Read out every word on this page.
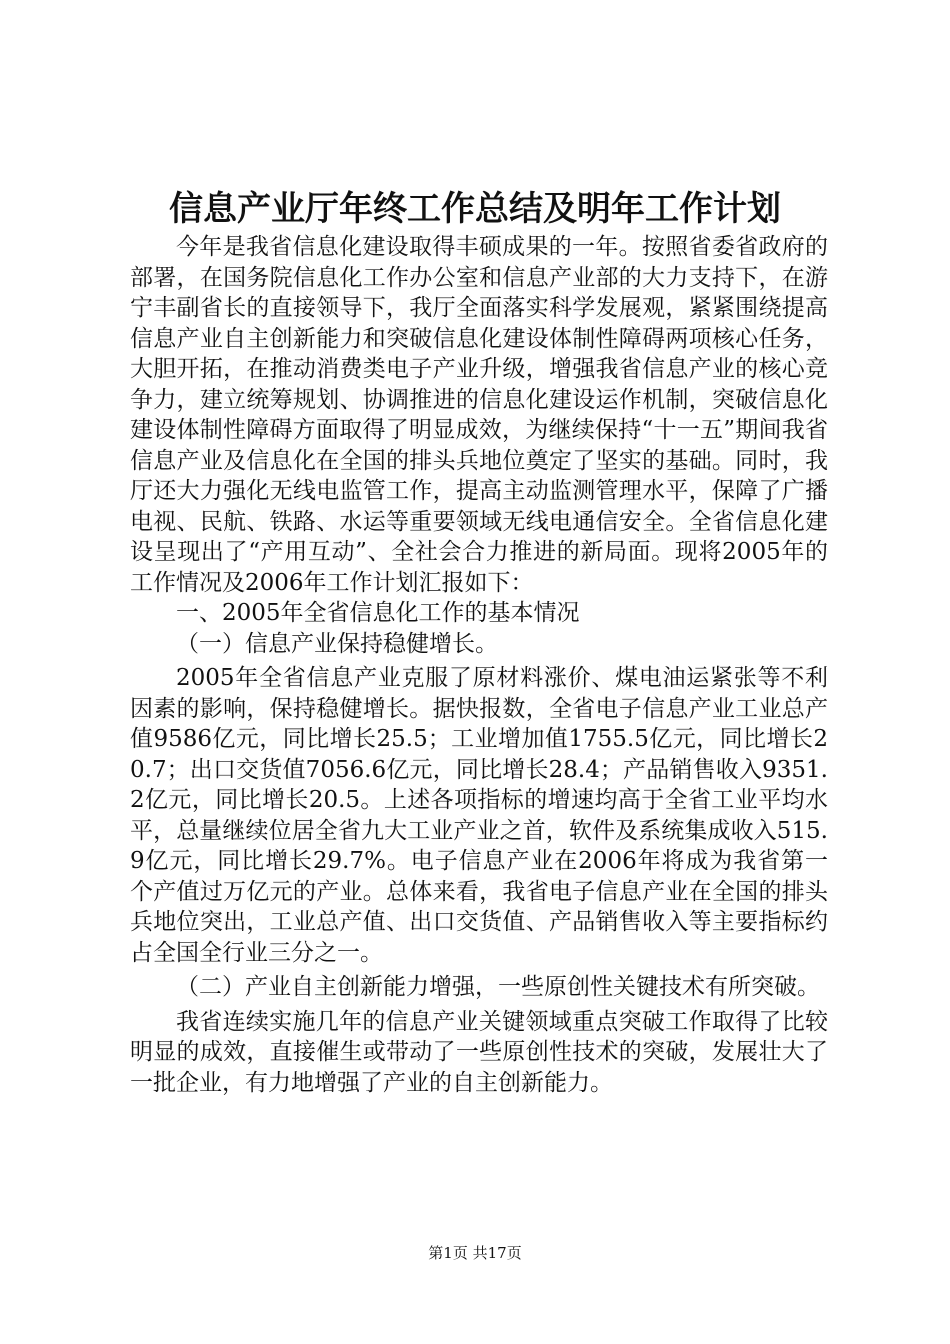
信息产业厅年终工作总结及明年工作计划

今年是我省信息化建设取得丰硕成果的一年。按照省委省政府的部署，在国务院信息化工作办公室和信息产业部的大力支持下，在游宁丰副省长的直接领导下，我厅全面落实科学发展观，紧紧围绕提高信息产业自主创新能力和突破信息化建设体制性障碍两项核心任务，大胆开拓，在推动消费类电子产业升级，增强我省信息产业的核心竞争力，建立统筹规划、协调推进的信息化建设运作机制，突破信息化建设体制性障碍方面取得了明显成效，为继续保持“十一五”期间我省信息产业及信息化在全国的排头兵地位奠定了坚实的基础。同时，我厅还大力强化无线电监管工作，提高主动监测管理水平，保障了广播电视、民航、铁路、水运等重要领域无线电通信安全。全省信息化建设呈现出了“产用互动”、全社会合力推进的新局面。现将2005年的工作情况及2006年工作计划汇报如下：

一、2005年全省信息化工作的基本情况

（一）信息产业保持稳健增长。

2005年全省信息产业克服了原材料涨价、煤电油运紧张等不利因素的影响，保持稳健增长。据快报数，全省电子信息产业工业总产值9586亿元，同比增长25.5；工业增加值1755.5亿元，同比增长20.7；出口交货值7056.6亿元，同比增长28.4；产品销售收入9351.2亿元，同比增长20.5。上述各项指标的增速均高于全省工业平均水平，总量继续位居全省九大工业产业之首，软件及系统集成收入515.9亿元，同比增长29.7%。电子信息产业在2006年将成为我省第一个产值过万亿元的产业。总体来看，我省电子信息产业在全国的排头兵地位突出，工业总产值、出口交货值、产品销售收入等主要指标约占全国全行业三分之一。

（二）产业自主创新能力增强，一些原创性关键技术有所突破。

我省连续实施几年的信息产业关键领域重点突破工作取得了比较明显的成效，直接催生或带动了一些原创性技术的突破，发展壮大了一批企业，有力地增强了产业的自主创新能力。

第1页 共17页
